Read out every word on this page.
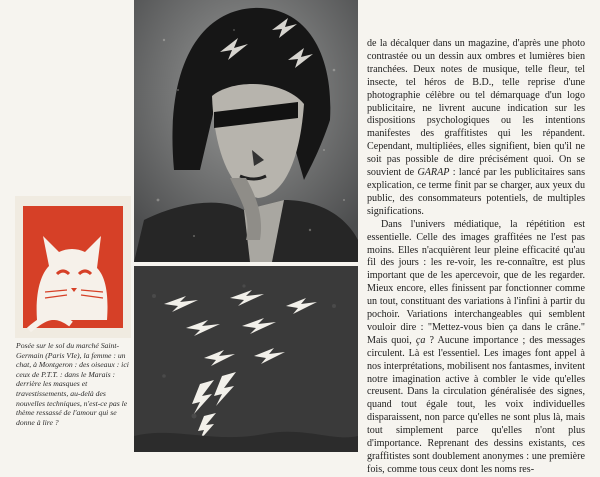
Posée sur le sol du marché Saint-Germain (Paris VIe), la femme : un chat, à Montgeron : des oiseaux : ici ceux de P.T.T. : dans le Marais : derrière les masques et travestissements, au-delà des nouvelles techniques, n'est-ce pas le thème ressassé de l'amour qui se donne à lire ?

de la décalquer dans un magazine, d'après une photo contrastée ou un dessin aux ombres et lumières bien tranchées. Deux notes de musique, telle fleur, tel insecte, tel héros de B.D., telle reprise d'une photographie célèbre ou tel démarquage d'un logo publicitaire, ne livrent aucune indication sur les dispositions psychologiques ou les intentions manifestes des graffitistes qui les répandent. Cependant, multipliées, elles signifient, bien qu'il ne soit pas possible de dire précisément quoi. On se souvient de GARAP : lancé par les publicitaires sans explication, ce terme finit par se charger, aux yeux du public, des consommateurs potentiels, de multiples significations.

Dans l'univers médiatique, la répétition est essentielle. Celle des images graffitées ne l'est pas moins. Elles n'acquièrent leur pleine efficacité qu'au fil des jours : les re-voir, les re-connaître, est plus important que de les apercevoir, que de les regarder. Mieux encore, elles finissent par fonctionner comme un tout, constituant des variations à l'infini à partir du pochoir. Variations interchangeables qui semblent vouloir dire : "Mettez-vous bien ça dans le crâne." Mais quoi, ça ? Aucune importance ; des messages circulent. Là est l'essentiel. Les images font appel à nos interprétations, mobilisent nos fantasmes, invitent notre imagination active à combler le vide qu'elles creusent. Dans la circulation généralisée des signes, quand tout égale tout, les voix individuelles disparaissent, non parce qu'elles ne sont plus là, mais tout simplement parce qu'elles n'ont plus d'importance. Reprenant des dessins existants, ces graffitistes sont doublement anonymes : une première fois, comme tous ceux dont les noms res-
